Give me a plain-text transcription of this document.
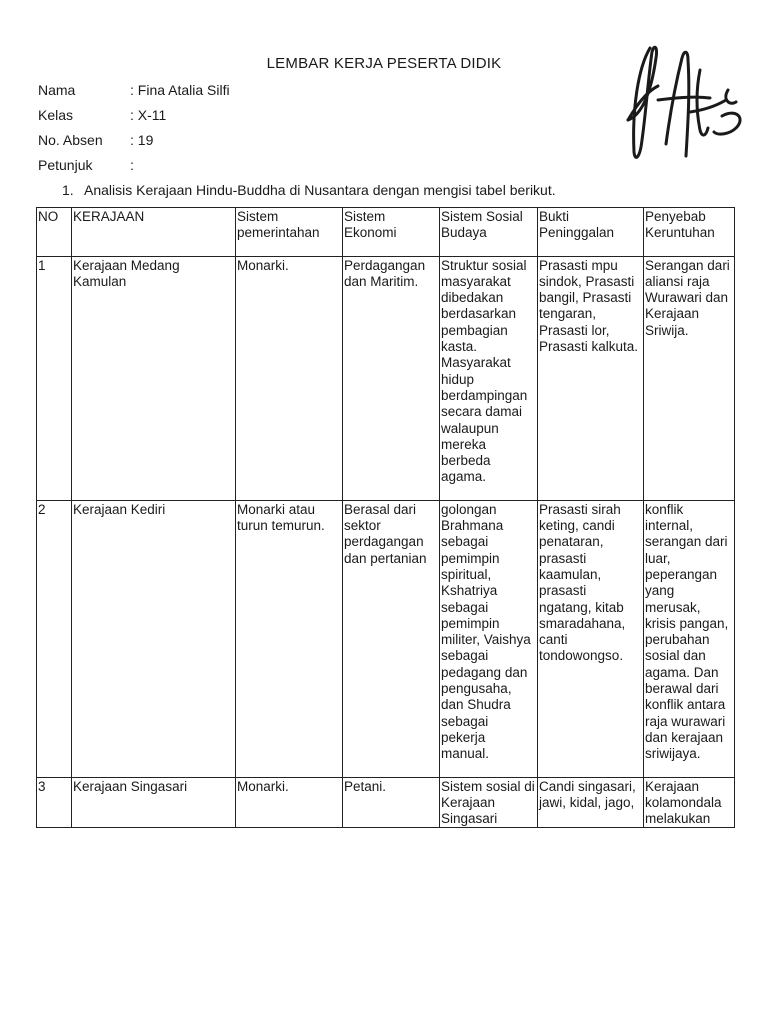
LEMBAR KERJA PESERTA DIDIK
Nama	: Fina Atalia Silfi
Kelas	: X-11
No. Absen : 19
Petunjuk	:
1. Analisis Kerajaan Hindu-Buddha di Nusantara dengan mengisi tabel berikut.
NO	KERAJAAN	Sistem pemerintahan	Sistem Ekonomi	Sistem Sosial Budaya	Bukti Peninggalan	Penyebab Keruntuhan
1	Kerajaan Medang Kamulan	Monarki.	Perdagangan dan Maritim.	Struktur sosial masyarakat dibedakan berdasarkan pembagian kasta. Masyarakat hidup berdampingan secara damai walaupun mereka berbeda agama.	Prasasti mpu sindok, Prasasti bangil, Prasasti tengaran, Prasasti lor, Prasasti kalkuta.	Serangan dari aliansi raja Wurawari dan Kerajaan Sriwija.
2	Kerajaan Kediri	Monarki atau turun temurun.	Berasal dari sektor perdagangan dan pertanian	golongan Brahmana sebagai pemimpin spiritual, Kshatriya sebagai pemimpin militer, Vaishya sebagai pedagang dan pengusaha, dan Shudra sebagai pekerja manual.	Prasasti sirah keting, candi penataran, prasasti kaamulan, prasasti ngatang, kitab smaradahana, canti tondowongso.	konflik internal, serangan dari luar, peperangan yang merusak, krisis pangan, perubahan sosial dan agama. Dan berawal dari konflik antara raja wurawari dan kerajaan sriwijaya.
3	Kerajaan Singasari	Monarki.	Petani.	Sistem sosial di Kerajaan Singasari	Candi singasari, jawi, kidal, jago,	Kerajaan kolamondala melakukan
